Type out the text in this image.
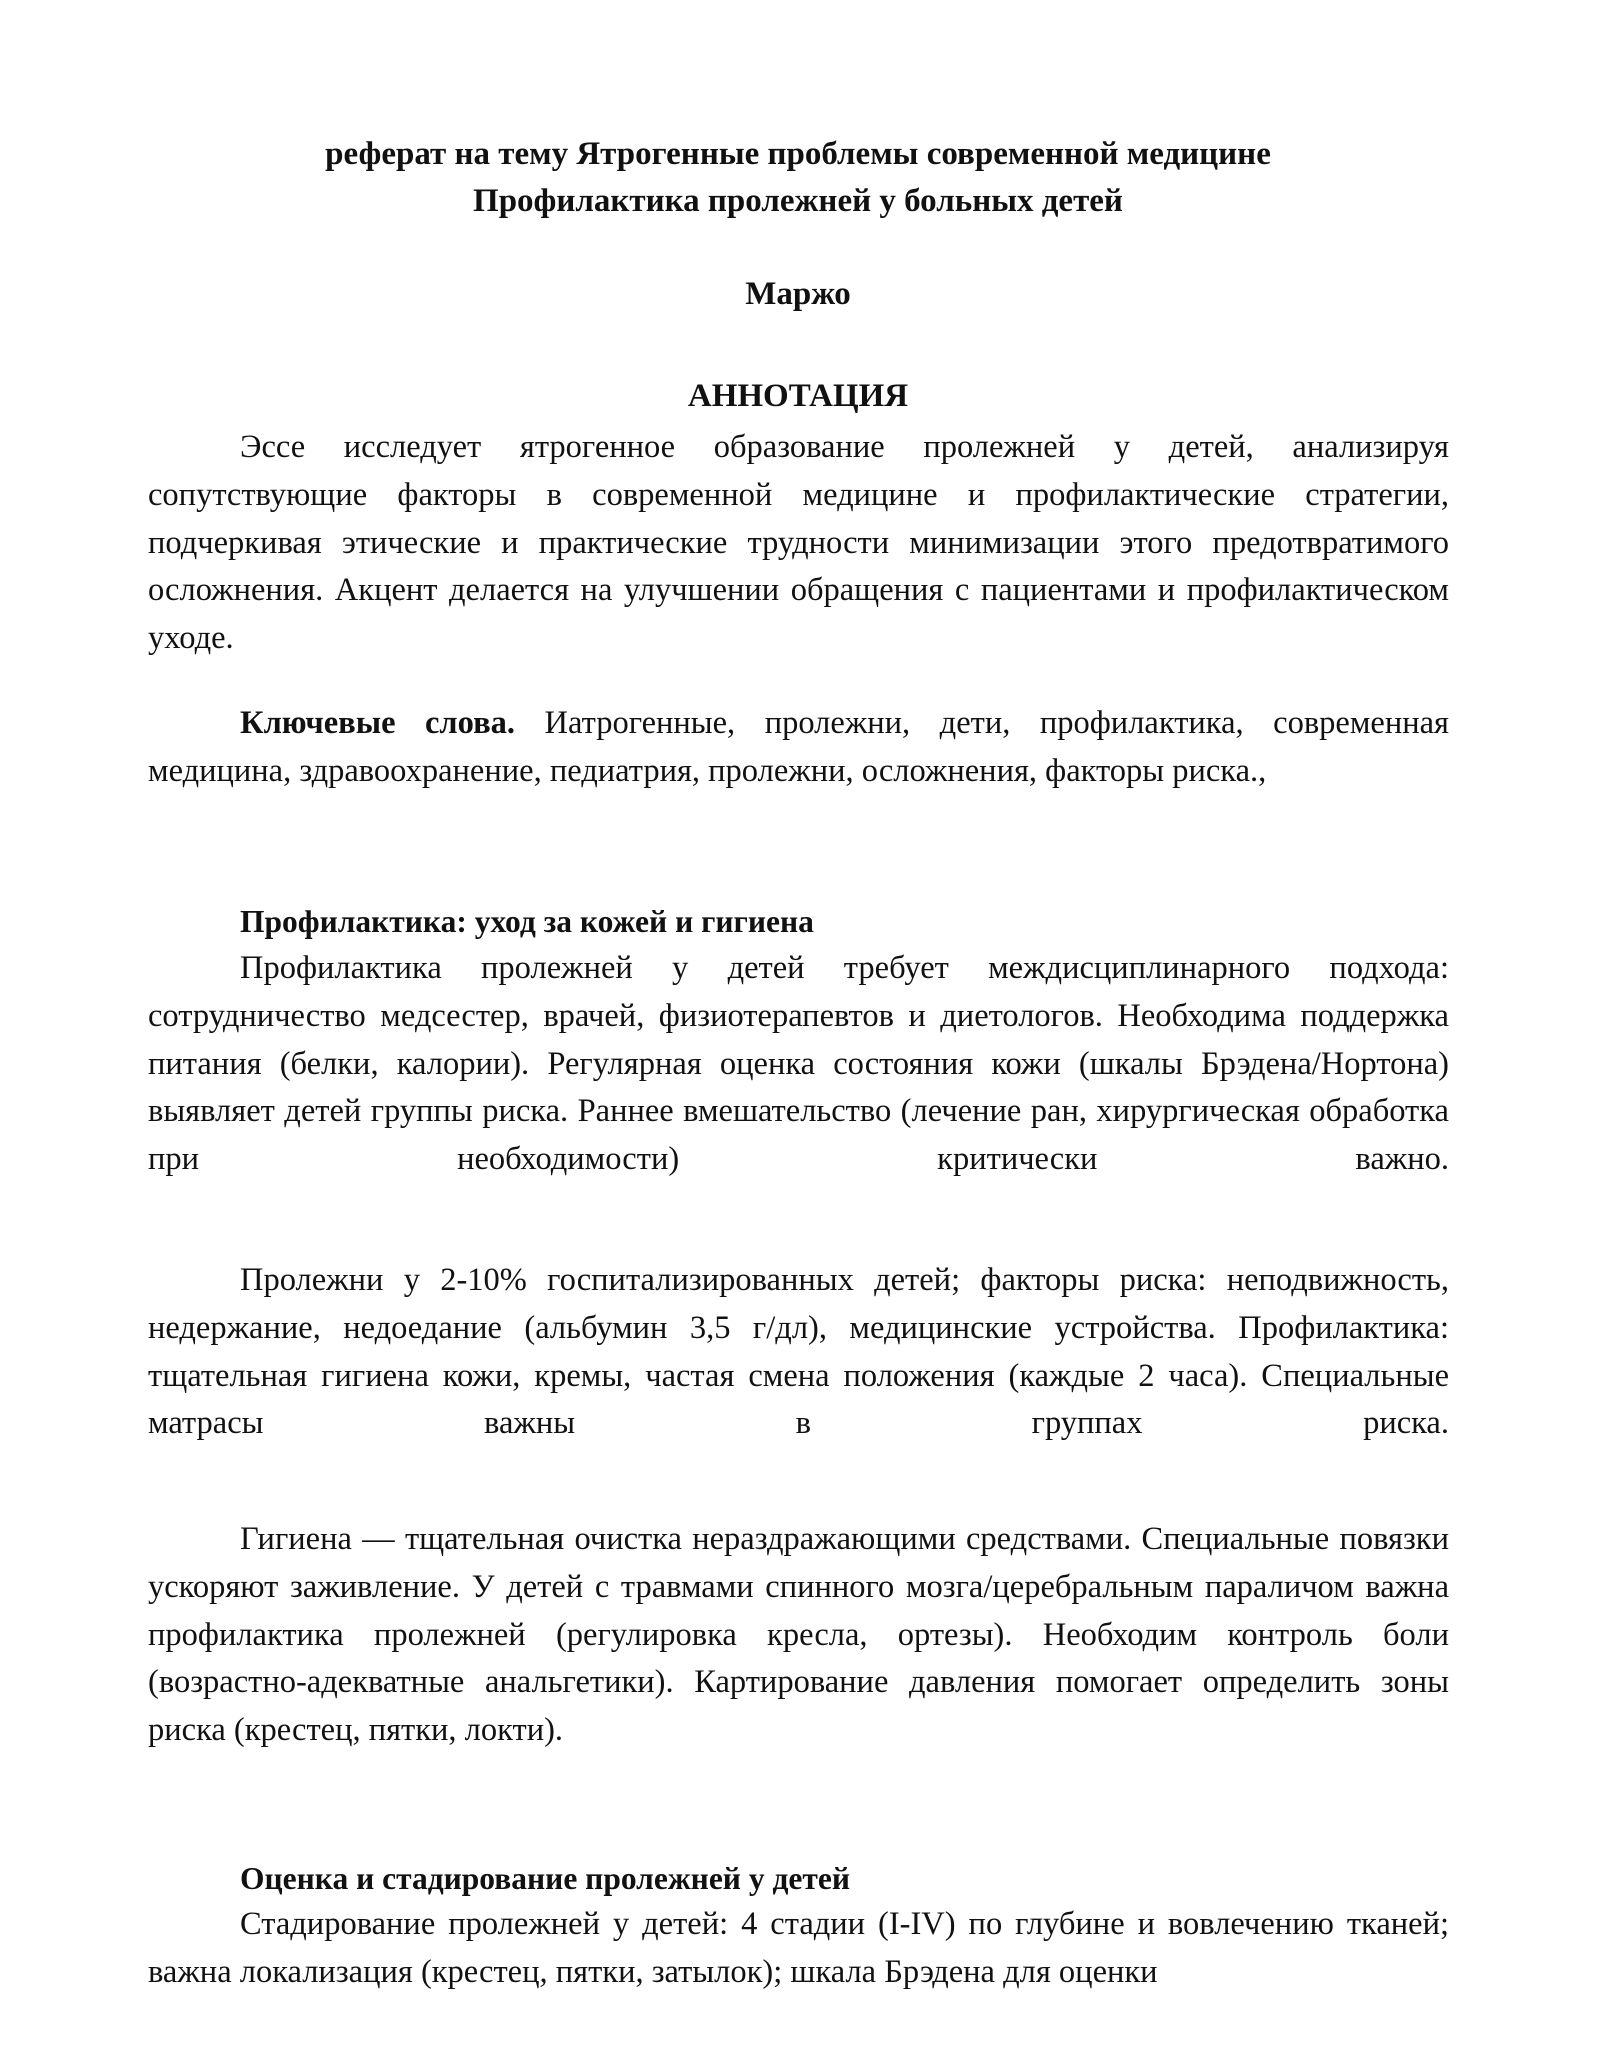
реферат на тему Ятрогенные проблемы современной медицине

Профилактика пролежней у больных детей

Маржо

АННОТАЦИЯ

Эссе исследует ятрогенное образование пролежней у детей, анализируя сопутствующие факторы в современной медицине и профилактические стратегии, подчеркивая этические и практические трудности минимизации этого предотвратимого осложнения. Акцент делается на улучшении обращения с пациентами и профилактическом уходе.

Ключевые слова. Иатрогенные, пролежни, дети, профилактика, современная медицина, здравоохранение, педиатрия, пролежни, осложнения, факторы риска.,

Профилактика: уход за кожей и гигиена

Профилактика пролежней у детей требует междисциплинарного подхода: сотрудничество медсестер, врачей, физиотерапевтов и диетологов. Необходима поддержка питания (белки, калории). Регулярная оценка состояния кожи (шкалы Брэдена/Нортона) выявляет детей группы риска. Раннее вмешательство (лечение ран, хирургическая обработка при необходимости) критически важно.

Пролежни у 2-10% госпитализированных детей; факторы риска: неподвижность, недержание, недоедание (альбумин 3,5 г/дл), медицинские устройства. Профилактика: тщательная гигиена кожи, кремы, частая смена положения (каждые 2 часа). Специальные матрасы важны в группах риска.

Гигиена — тщательная очистка нераздражающими средствами. Специальные повязки ускоряют заживление. У детей с травмами спинного мозга/церебральным параличом важна профилактика пролежней (регулировка кресла, ортезы). Необходим контроль боли (возрастно-адекватные анальгетики). Картирование давления помогает определить зоны риска (крестец, пятки, локти).

Оценка и стадирование пролежней у детей

Стадирование пролежней у детей: 4 стадии (I-IV) по глубине и вовлечению тканей; важна локализация (крестец, пятки, затылок); шкала Брэдена для оценки
